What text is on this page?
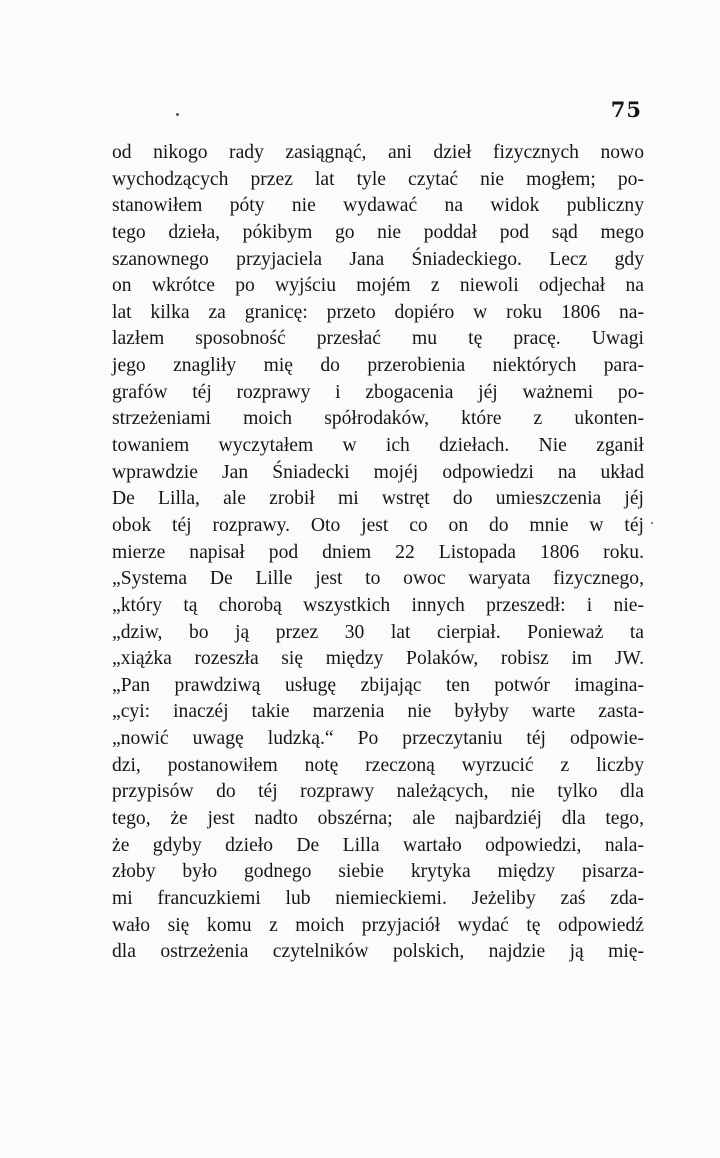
75
od nikogo rady zasiągnąć, ani dzieł fizycznych nowo
wychodzących przez lat tyle czytać nie mogłem; po-
stanowiłem póty nie wydawać na widok publiczny
tego dzieła, pókibym go nie poddał pod sąd mego
szanownego przyjaciela Jana Śniadeckiego. Lecz gdy
on wkrótce po wyjściu mojém z niewoli odjechał na
lat kilka za granicę: przeto dopiéro w roku 1806 na-
lazłem sposobność przesłać mu tę pracę. Uwagi
jego znagliły mię do przerobienia niektórych para-
grafów téj rozprawy i zbogacenia jéj ważnemi po-
strzeżeniami moich spółrodaków, które z ukonten-
towaniem wyczytałem w ich dziełach. Nie zganił
wprawdzie Jan Śniadecki mojéj odpowiedzi na układ
De Lilla, ale zrobił mi wstręt do umieszczenia jéj
obok téj rozprawy. Oto jest co on do mnie w téj
mierze napisał pod dniem 22 Listopada 1806 roku.
„Systema De Lille jest to owoc waryata fizycznego,
„który tą chorobą wszystkich innych przeszedł: i nie-
„dziw, bo ją przez 30 lat cierpiał. Ponieważ ta
„xiążka rozeszła się między Polaków, robisz im JW.
„Pan prawdziwą usługę zbijając ten potwór imagina-
„cyi: inaczéj takie marzenia nie byłyby warte zasta-
„nowić uwagę ludzką.“ Po przeczytaniu téj odpowie-
dzi, postanowiłem notę rzeczoną wyrzucić z liczby
przypisów do téj rozprawy należących, nie tylko dla
tego, że jest nadto obszérna; ale najbardziéj dla tego,
że gdyby dzieło De Lilla wartało odpowiedzi, nala-
złoby było godnego siebie krytyka między pisarza-
mi francuzkiemi lub niemieckiemi. Jeżeliby zaś zda-
wało się komu z moich przyjaciół wydać tę odpowiedź
dla ostrzeżenia czytelników polskich, najdzie ją mię-
